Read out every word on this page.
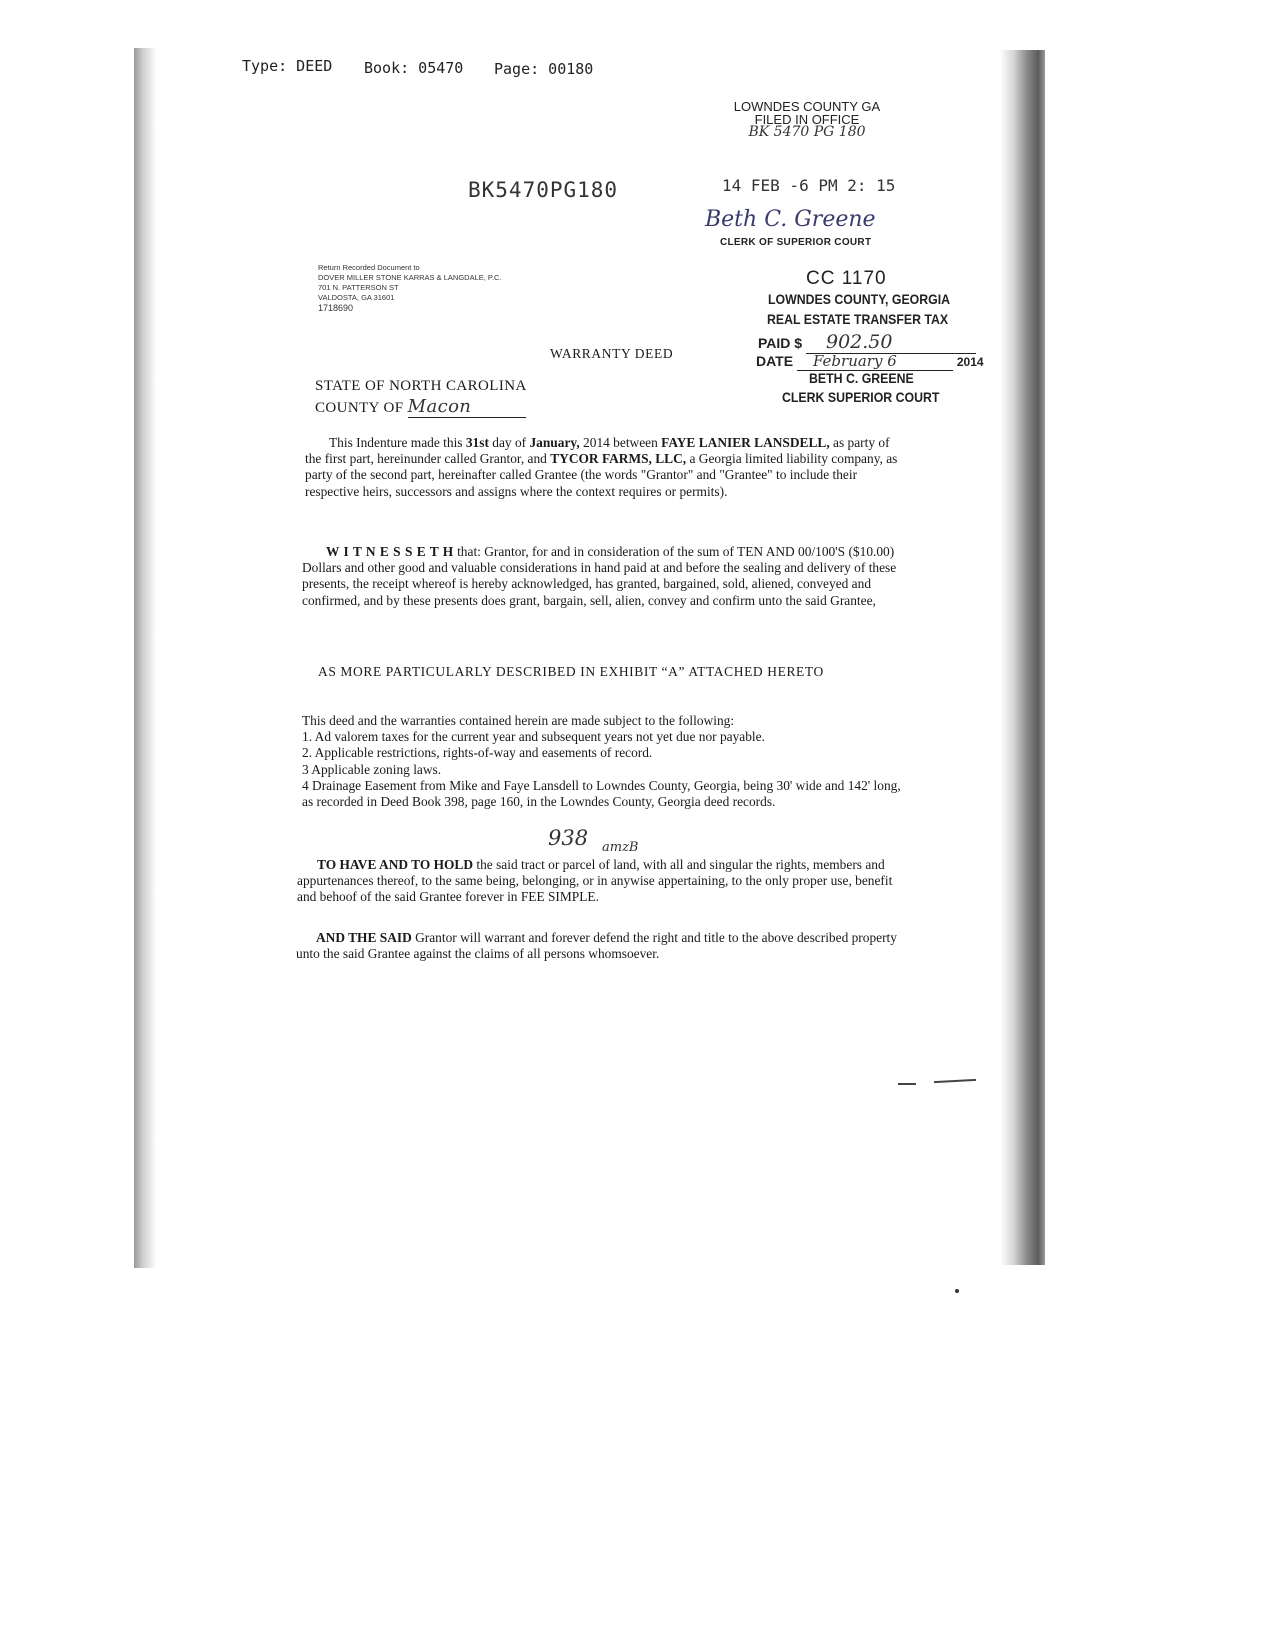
Type: DEED Book: 05470 Page: 00180
LOWNDES COUNTY GA
FILED IN OFFICE
BK 5470 PG 180
BK5470PG180	14 FEB -6 PM 2: 15
Beth C. Greene
CLERK OF SUPERIOR COURT
Return Recorded Document to
DOVER MILLER STONE KARRAS & LANGDALE, P.C.
701 N. PATTERSON ST
VALDOSTA, GA 31601
1718690
CC 1170
LOWNDES COUNTY, GEORGIA
REAL ESTATE TRANSFER TAX
PAID $ 902.50
DATE February 6	2014
BETH C. GREENE
CLERK SUPERIOR COURT
WARRANTY DEED
STATE OF NORTH CAROLINA
COUNTY OF Macon
This Indenture made this 31st day of January, 2014 between FAYE LANIER LANSDELL, as party of the first part, hereinunder called Grantor, and TYCOR FARMS, LLC, a Georgia limited liability company, as party of the second part, hereinafter called Grantee (the words "Grantor" and "Grantee" to include their respective heirs, successors and assigns where the context requires or permits).
W I T N E S S E T H that: Grantor, for and in consideration of the sum of TEN AND 00/100'S ($10.00) Dollars and other good and valuable considerations in hand paid at and before the sealing and delivery of these presents, the receipt whereof is hereby acknowledged, has granted, bargained, sold, aliened, conveyed and confirmed, and by these presents does grant, bargain, sell, alien, convey and confirm unto the said Grantee,
AS MORE PARTICULARLY DESCRIBED IN EXHIBIT “A” ATTACHED HERETO
This deed and the warranties contained herein are made subject to the following:
1. Ad valorem taxes for the current year and subsequent years not yet due nor payable.
2. Applicable restrictions, rights-of-way and easements of record.
3 Applicable zoning laws.
4 Drainage Easement from Mike and Faye Lansdell to Lowndes County, Georgia, being 30' wide and 142' long, as recorded in Deed Book 398, page 160, in the Lowndes County, Georgia deed records.
938 amzB
TO HAVE AND TO HOLD the said tract or parcel of land, with all and singular the rights, members and appurtenances thereof, to the same being, belonging, or in anywise appertaining, to the only proper use, benefit and behoof of the said Grantee forever in FEE SIMPLE.
AND THE SAID Grantor will warrant and forever defend the right and title to the above described property unto the said Grantee against the claims of all persons whomsoever.
